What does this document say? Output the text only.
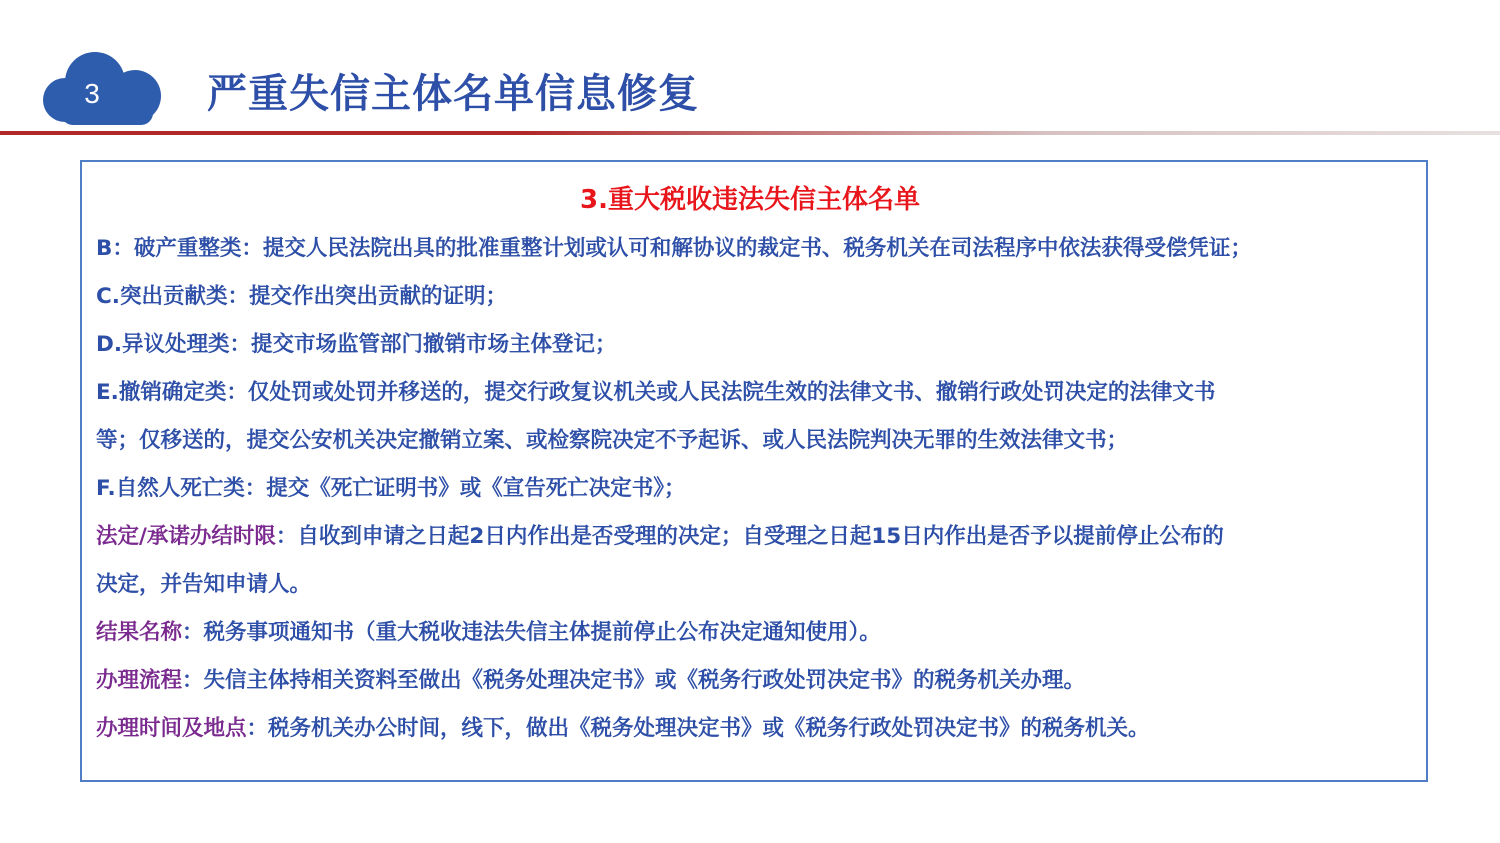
3	严重失信主体名单信息修复
3.重大税收违法失信主体名单
B：破产重整类：提交人民法院出具的批准重整计划或认可和解协议的裁定书、税务机关在司法程序中依法获得受偿凭证；
C.突出贡献类：提交作出突出贡献的证明；
D.异议处理类：提交市场监管部门撤销市场主体登记；
E.撤销确定类：仅处罚或处罚并移送的，提交行政复议机关或人民法院生效的法律文书、撤销行政处罚决定的法律文书
等；仅移送的，提交公安机关决定撤销立案、或检察院决定不予起诉、或人民法院判决无罪的生效法律文书；
F.自然人死亡类：提交《死亡证明书》或《宣告死亡决定书》；
法定/承诺办结时限：自收到申请之日起2日内作出是否受理的决定；自受理之日起15日内作出是否予以提前停止公布的
决定，并告知申请人。
结果名称：税务事项通知书（重大税收违法失信主体提前停止公布决定通知使用）。
办理流程：失信主体持相关资料至做出《税务处理决定书》或《税务行政处罚决定书》的税务机关办理。
办理时间及地点：税务机关办公时间，线下，做出《税务处理决定书》或《税务行政处罚决定书》的税务机关。
